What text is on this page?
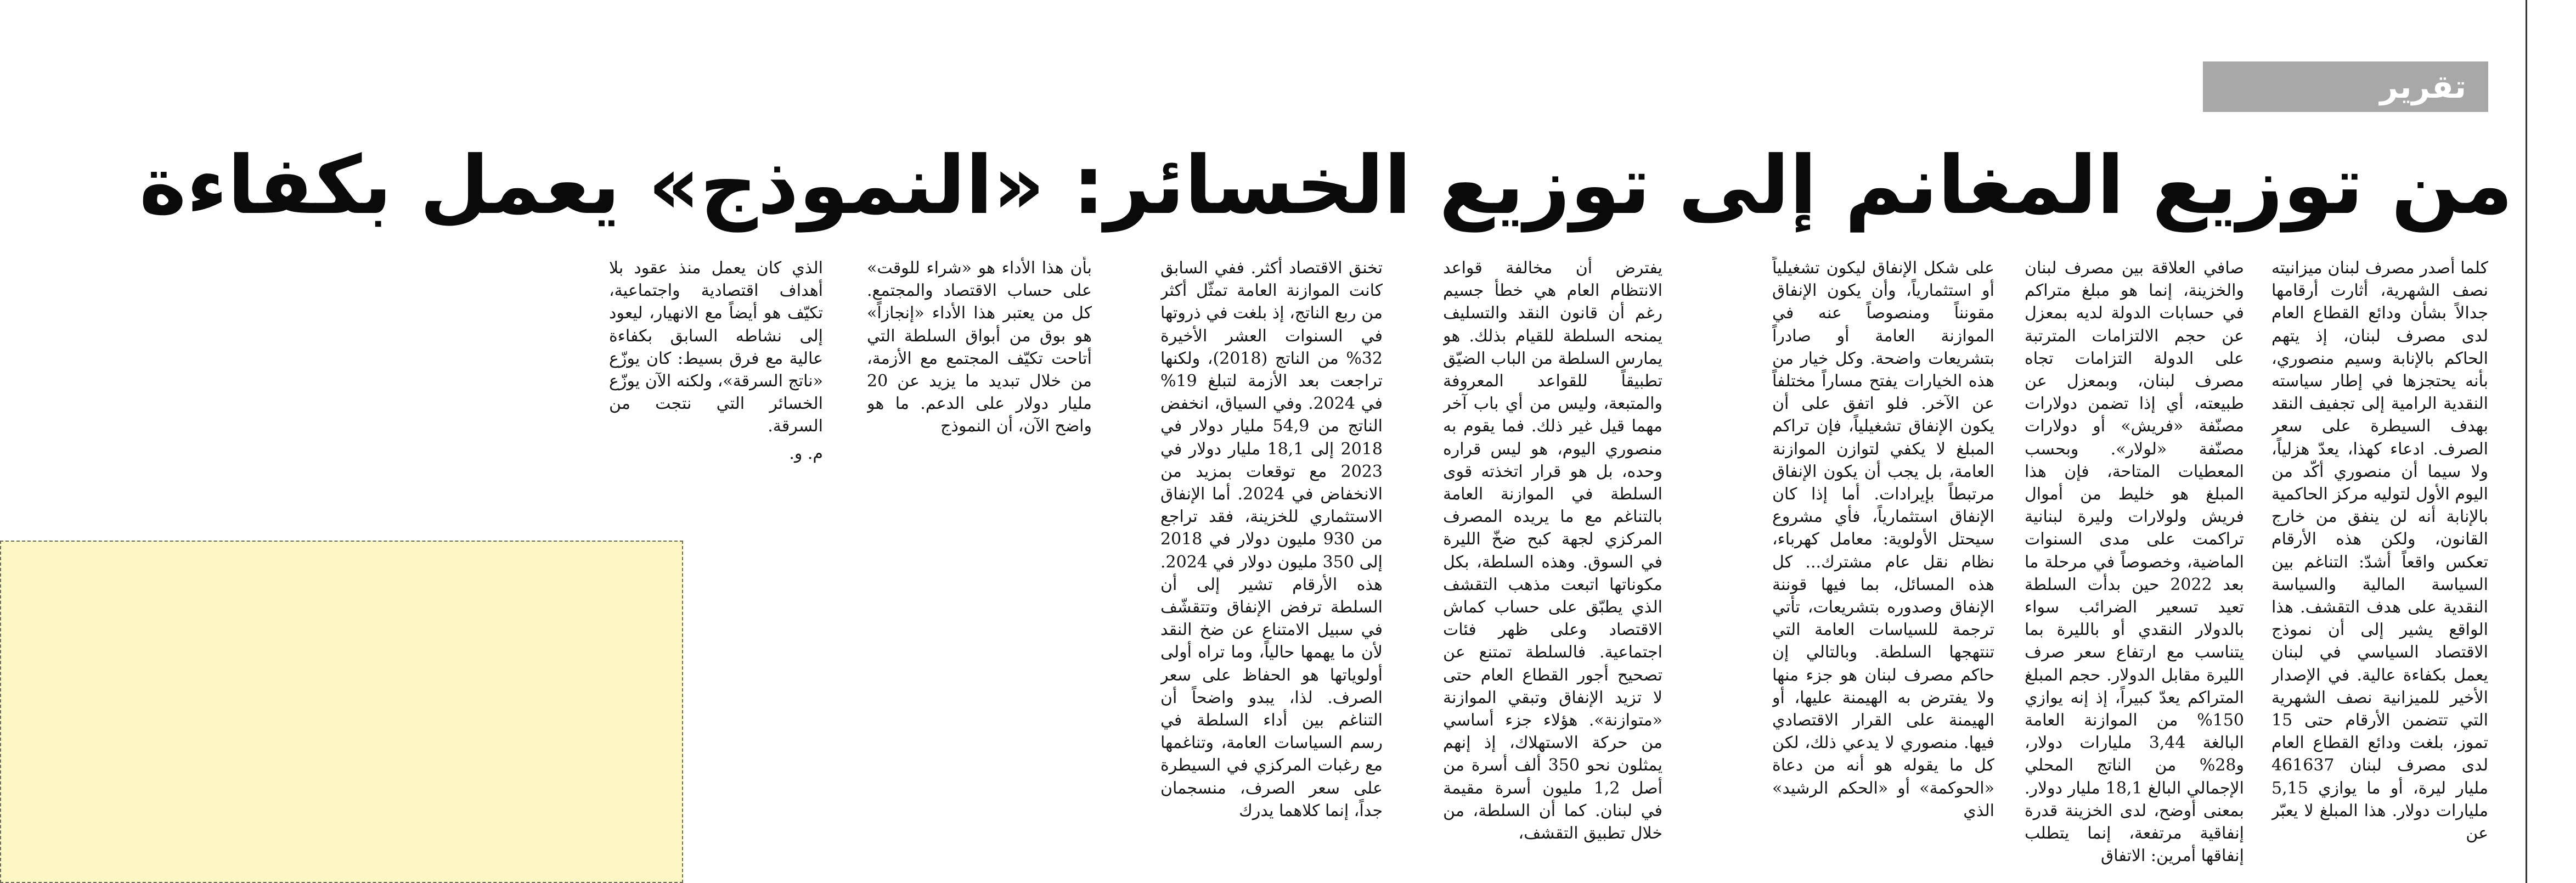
تقرير
من توزيع المغانم إلى توزيع الخسائر: «النموذج» يعمل بكفاءة

كلما أصدر مصرف لبنان ميزانيته نصف الشهرية، أثارت أرقامها جدالاً بشأن ودائع القطاع العام لدى مصرف لبنان، إذ يتهم الحاكم بالإنابة وسيم منصوري، بأنه يحتجزها في إطار سياسته النقدية الرامية إلى تجفيف النقد بهدف السيطرة على سعر الصرف. ادعاء كهذا، يعدّ هزلياً، ولا سيما أن منصوري أكّد من اليوم الأول لتوليه مركز الحاكمية بالإنابة أنه لن ينفق من خارج القانون، ولكن هذه الأرقام تعكس واقعاً أشدّ: التناغم بين السياسة المالية والسياسة النقدية على هدف التقشف. هذا الواقع يشير إلى أن نموذج الاقتصاد السياسي في لبنان يعمل بكفاءة عالية. في الإصدار الأخير للميزانية نصف الشهرية التي تتضمن الأرقام حتى 15 تموز، بلغت ودائع القطاع العام لدى مصرف لبنان 461637 مليار ليرة، أو ما يوازي 5,15 مليارات دولار. هذا المبلغ لا يعبّر عن

صافي العلاقة بين مصرف لبنان والخزينة، إنما هو مبلغ متراكم في حسابات الدولة لديه بمعزل عن حجم الالتزامات المترتبة على الدولة التزامات تجاه مصرف لبنان، وبمعزل عن طبيعته، أي إذا تضمن دولارات مصنّفة «فريش» أو دولارات مصنّفة «لولار». وبحسب المعطيات المتاحة، فإن هذا المبلغ هو خليط من أموال فريش ولولارات وليرة لبنانية تراكمت على مدى السنوات الماضية، وخصوصاً في مرحلة ما بعد 2022 حين بدأت السلطة تعيد تسعير الضرائب سواء بالدولار النقدي أو بالليرة بما يتناسب مع ارتفاع سعر صرف الليرة مقابل الدولار. حجم المبلغ المتراكم يعدّ كبيراً، إذ إنه يوازي 150% من الموازنة العامة البالغة 3,44 مليارات دولار، و28% من الناتج المحلي الإجمالي البالغ 18,1 مليار دولار. بمعنى أوضح، لدى الخزينة قدرة إنفاقية مرتفعة، إنما يتطلب إنفاقها أمرين: الاتفاق

على شكل الإنفاق ليكون تشغيلياً أو استثمارياً، وأن يكون الإنفاق مقونناً ومنصوصاً عنه في الموازنة العامة أو صادراً بتشريعات واضحة. وكل خيار من هذه الخيارات يفتح مساراً مختلفاً عن الآخر. فلو اتفق على أن يكون الإنفاق تشغيلياً، فإن تراكم المبلغ لا يكفي لتوازن الموازنة العامة، بل يجب أن يكون الإنفاق مرتبطاً بإيرادات. أما إذا كان الإنفاق استثمارياً، فأي مشروع سيحتل الأولوية: معامل كهرباء، نظام نقل عام مشترك... كل هذه المسائل، بما فيها قوننة الإنفاق وصدوره بتشريعات، تأتي ترجمة للسياسات العامة التي تنتهجها السلطة. وبالتالي إن حاكم مصرف لبنان هو جزء منها ولا يفترض به الهيمنة عليها، أو الهيمنة على القرار الاقتصادي فيها. منصوري لا يدعي ذلك، لكن كل ما يقوله هو أنه من دعاة «الحوكمة» أو «الحكم الرشيد» الذي

يفترض أن مخالفة قواعد الانتظام العام هي خطأ جسيم رغم أن قانون النقد والتسليف يمنحه السلطة للقيام بذلك. هو يمارس السلطة من الباب الضيّق تطبيقاً للقواعد المعروفة والمتبعة، وليس من أي باب آخر مهما قيل غير ذلك. فما يقوم به منصوري اليوم، هو ليس قراره وحده، بل هو قرار اتخذته قوى السلطة في الموازنة العامة بالتناغم مع ما يريده المصرف المركزي لجهة كبح ضخّ الليرة في السوق. وهذه السلطة، بكل مكوناتها اتبعت مذهب التقشف الذي يطبّق على حساب كماش الاقتصاد وعلى ظهر فئات اجتماعية. فالسلطة تمتنع عن تصحيح أجور القطاع العام حتى لا تزيد الإنفاق وتبقي الموازنة «متوازنة». هؤلاء جزء أساسي من حركة الاستهلاك، إذ إنهم يمثلون نحو 350 ألف أسرة من أصل 1,2 مليون أسرة مقيمة في لبنان. كما أن السلطة، من خلال تطبيق التقشف،

تخنق الاقتصاد أكثر. ففي السابق كانت الموازنة العامة تمثّل أكثر من ربع الناتج، إذ بلغت في ذروتها في السنوات العشر الأخيرة 32% من الناتج (2018)، ولكنها تراجعت بعد الأزمة لتبلغ 19% في 2024. وفي السياق، انخفض الناتج من 54,9 مليار دولار في 2018 إلى 18,1 مليار دولار في 2023 مع توقعات بمزيد من الانخفاض في 2024. أما الإنفاق الاستثماري للخزينة، فقد تراجع من 930 مليون دولار في 2018 إلى 350 مليون دولار في 2024. هذه الأرقام تشير إلى أن السلطة ترفض الإنفاق وتتقشّف في سبيل الامتناع عن ضخ النقد لأن ما يهمها حالياً، وما تراه أولى أولوياتها هو الحفاظ على سعر الصرف. لذا، يبدو واضحاً أن التناغم بين أداء السلطة في رسم السياسات العامة، وتناغمها مع رغبات المركزي في السيطرة على سعر الصرف، منسجمان جداً، إنما كلاهما يدرك

بأن هذا الأداء هو «شراء للوقت» على حساب الاقتصاد والمجتمع. كل من يعتبر هذا الأداء «إنجازاً» هو بوق من أبواق السلطة التي أتاحت تكيّف المجتمع مع الأزمة، من خلال تبديد ما يزيد عن 20 مليار دولار على الدعم. ما هو واضح الآن، أن النموذج

الذي كان يعمل منذ عقود بلا أهداف اقتصادية واجتماعية، تكيّف هو أيضاً مع الانهيار، ليعود إلى نشاطه السابق بكفاءة عالية مع فرق بسيط: كان يوزّع «ناتج السرقة»، ولكنه الآن يوزّع الخسائر التي نتجت من السرقة.

م. و.
